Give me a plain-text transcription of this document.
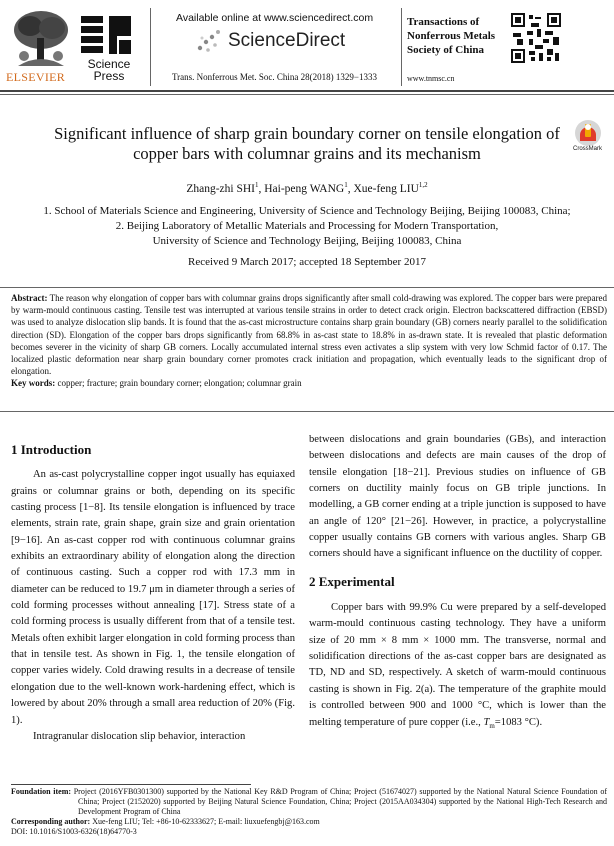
ELSEVIER
Science
Press
Available online at www.sciencedirect.com
ScienceDirect
Transactions of
Nonferrous Metals
Society of China
www.tnmsc.cn
Trans. Nonferrous Met. Soc. China 28(2018) 1329−1333
Significant influence of sharp grain boundary corner on tensile elongation of
copper bars with columnar grains and its mechanism	CrossMark
Zhang-zhi SHI$^1$, Hai-peng WANG$^1$, Xue-feng LIU$^{1,2}$
1. School of Materials Science and Engineering, University of Science and Technology Beijing, Beijing 100083, China;
2. Beijing Laboratory of Metallic Materials and Processing for Modern Transportation,
University of Science and Technology Beijing, Beijing 100083, China
Received 9 March 2017; accepted 18 September 2017
Abstract: The reason why elongation of copper bars with columnar grains drops significantly after small cold-drawing was explored. The copper bars were prepared by warm-mould continuous casting. Tensile test was interrupted at various tensile strains in order to detect crack origin. Electron backscattered diffraction (EBSD) was used to analyze dislocation slip bands. It is found that the as-cast microstructure contains sharp grain boundary (GB) corners nearly parallel to the solidification direction (SD). Elongation of the copper bars drops significantly from 68.8% in as-cast state to 18.8% in as-drawn state. It is revealed that plastic deformation becomes severer in the vicinity of sharp GB corners. Locally accumulated internal stress even activates a slip system with very low Schmid factor of 0.17. The localized plastic deformation near sharp grain boundary corner promotes crack initiation and propagation, which eventually leads to the significant drop of elongation.
Key words: copper; fracture; grain boundary corner; elongation; columnar grain
1 Introduction

An as-cast polycrystalline copper ingot usually has equiaxed grains or columnar grains or both, depending on its specific casting process [1−8]. Its tensile elongation is influenced by trace elements, strain rate, grain shape, grain size and grain orientation [9−16]. An as-cast copper rod with continuous columnar grains exhibits an extraordinary ability of elongation along the direction of continuous casting. Such a copper rod with 17.3 mm in diameter can be reduced to 19.7 μm in diameter through a series of cold forming processes without annealing [17]. Stress state of a cold forming process is usually different from that of a tensile test. Metals often exhibit larger elongation in cold forming process than that in tensile test. As shown in Fig. 1, the tensile elongation of copper varies widely. Cold drawing results in a decrease of tensile elongation due to the well-known work-hardening effect, which is lowered by about 20% through a small area reduction of 20% (Fig. 1).

Intragranular dislocation slip behavior, interaction

between dislocations and grain boundaries (GBs), and interaction between dislocations and defects are main causes of the drop of tensile elongation [18−21]. Previous studies on influence of GB corners on ductility mainly focus on GB triple junctions. In modelling, a GB corner ending at a triple junction is supposed to have an angle of 120° [21−26]. However, in practice, a polycrystalline copper usually contains GB corners with various angles. Sharp GB corners should have a significant influence on the ductility of copper.

2 Experimental

Copper bars with 99.9% Cu were prepared by a self-developed warm-mould continuous casting technology. They have a uniform size of 20 mm × 8 mm × 1000 mm. The transverse, normal and solidification directions of the as-cast copper bars are designated as TD, ND and SD, respectively. A sketch of warm-mould continuous casting is shown in Fig. 2(a). The temperature of the graphite mould is controlled between 900 and 1000 °C, which is lower than the melting temperature of pure copper (i.e., $T_m=1083$ °C).

Foundation item: Project (2016YFB0301300) supported by the National Key R&D Program of China; Project (51674027) supported by the National Natural Science Foundation of China; Project (2152020) supported by Beijing Natural Science Foundation, China; Project (2015AA034304) supported by the National High-Tech Research and Development Program of China
Corresponding author: Xue-feng LIU; Tel: +86-10-62333627; E-mail: liuxuefengbj@163.com
DOI: 10.1016/S1003-6326(18)64770-3
